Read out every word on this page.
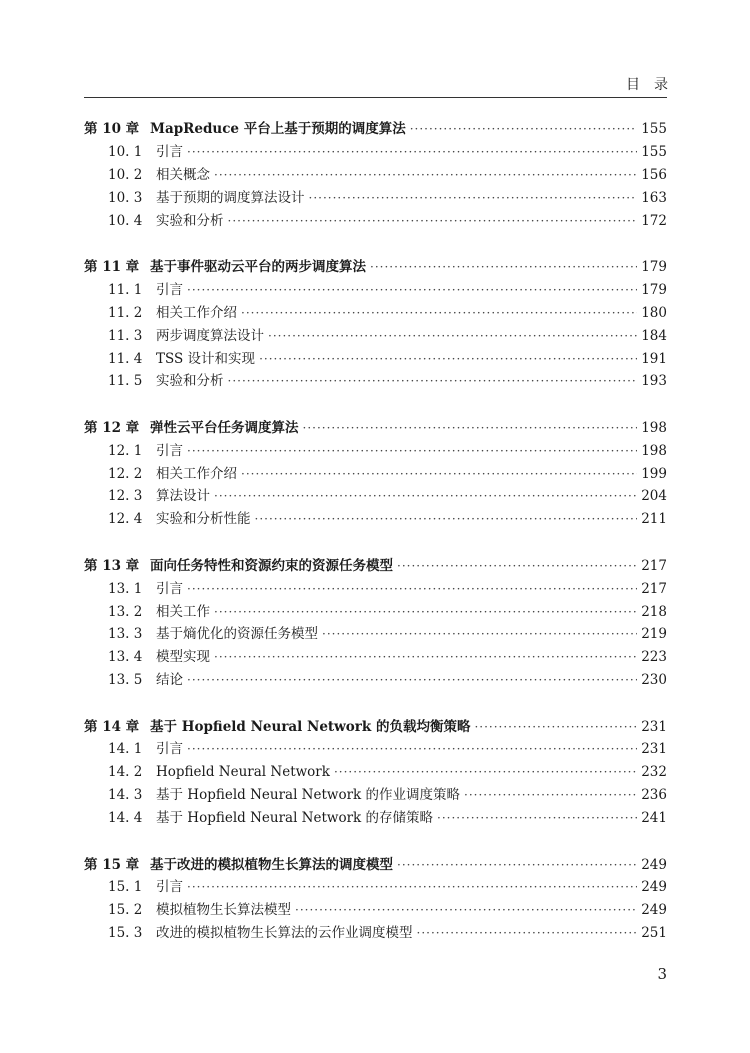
目录
第 10 章 MapReduce 平台上基于预期的调度算法 ·····	155
10. 1	引言 ·····	155
10. 2	相关概念 ·····	156
10. 3	基于预期的调度算法设计 ·····	163
10. 4	实验和分析 ·····	172
第 11 章 基于事件驱动云平台的两步调度算法 ·····	179
11. 1	引言 ·····	179
11. 2	相关工作介绍 ·····	180
11. 3	两步调度算法设计 ·····	184
11. 4	TSS 设计和实现 ·····	191
11. 5	实验和分析 ·····	193
第 12 章 弹性云平台任务调度算法 ·····	198
12. 1	引言 ·····	198
12. 2	相关工作介绍 ·····	199
12. 3	算法设计 ·····	204
12. 4	实验和分析性能 ·····	211
第 13 章 面向任务特性和资源约束的资源任务模型 ·····	217
13. 1	引言 ·····	217
13. 2	相关工作 ·····	218
13. 3	基于熵优化的资源任务模型 ·····	219
13. 4	模型实现 ·····	223
13. 5	结论 ·····	230
第 14 章 基于 Hopfield Neural Network 的负载均衡策略 ·····	231
14. 1	引言 ·····	231
14. 2	Hopfield Neural Network ·····	232
14. 3	基于 Hopfield Neural Network 的作业调度策略 ·····	236
14. 4	基于 Hopfield Neural Network 的存储策略 ·····	241
第 15 章 基于改进的模拟植物生长算法的调度模型 ·····	249
15. 1	引言 ·····	249
15. 2	模拟植物生长算法模型 ·····	249
15. 3	改进的模拟植物生长算法的云作业调度模型 ·····	251
3
